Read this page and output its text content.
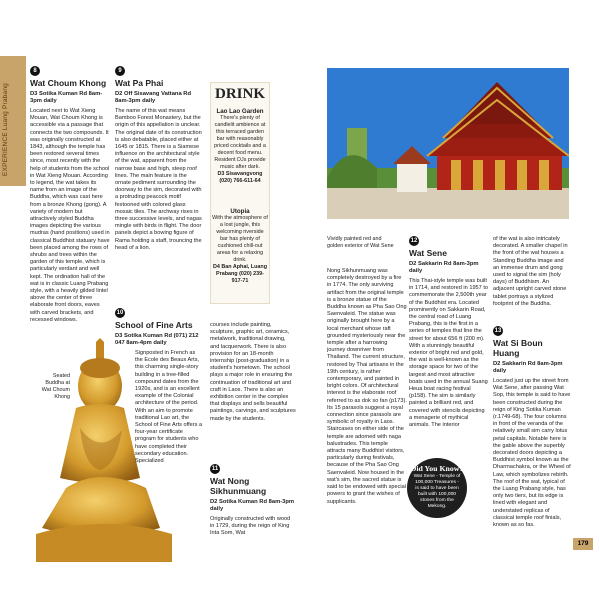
EXPERIENCE Luang Prabang
8
Wat Choum Khong
D3 Sotika Kuman Rd 8am-3pm daily

Located next to Wat Xieng Mouan, Wat Choum Khong is accessible via a passage that connects the two compounds. It was originally constructed at 1843, although the temple has been restored several times since, most recently with the help of students from the school in Wat Xieng Mouan. According to legend, the wat takes its name from an image of the Buddha, which was cast here from a bronze Khong (gong). A variety of modern but attractively styled Buddha images depicting the various mudras (hand positions) used in classical Buddhist statuary have been placed among the rows of shrubs and trees within the garden of this temple, which is particularly verdant and well kept. The ordination hall of the wat is in classic Luang Prabang style, with a heavily gilded lintel above the center of three elaborate front doors, eaves with carved brackets, and recessed windows.

Seated Buddha at Wat Choum Khong
9
Wat Pa Phai
D2 Off Sisavang Vattana Rd 8am-3pm daily

The name of this wat means Bamboo Forest Monastery, but the origin of this appellation is unclear. The original date of its construction is also debatable, placed either at 1645 or 1815. There is a Siamese influence on the architectural style of the wat, apparent from the narrow base and high, steep roof lines. The main feature is the ornate pediment surrounding the doorway to the sim, decorated with a protruding peacock motif festooned with colored glass mosaic tiles. The archway rises in three successive levels, and nagas mingle with birds in flight. The door panels depict a bowing figure of Rama holding a staff, trouncing the head of a lion.

10
School of Fine Arts
D3 Sotika Kuman Rd (071) 212 047 8am-4pm daily

Signposted in French as the Ecole des Beaux Arts, this charming single-story building in a tree-filled compound dates from the 1920s, and is an excellent example of the Colonial architecture of the period. With an aim to promote traditional Lao art, the School of Fine Arts offers a four-year certificate program for students who have completed their secondary education. Specialized

DRINK
Lao Lao Garden
There's plenty of candlelit ambience at this terraced garden bar with reasonably priced cocktails and a decent food menu. Resident DJs provide music after dark.
D3 Sisavangvong (020) 766-611-64
Utopia
With the atmosphere of a lost jungle, this welcoming riverside bar has plenty of cushioned chill-out areas for a relaxing drink.
D4 Ban Aphai, Luang Prabang (020) 239-917-71

courses include painting, sculpture, graphic art, ceramics, metalwork, traditional drawing, and lacquerwork. There is also provision for an 18-month internship (post-graduation) in a student's hometown. The school plays a major role in ensuring the continuation of traditional art and craft in Laos. There is also an exhibition center in the complex that displays and sells beautiful paintings, carvings, and sculptures made by the students.

11
Wat Nong Sikhunmuang
D2 Sotika Kuman Rd 8am-3pm daily

Originally constructed with wood in 1729, during the reign of King Inta Som, Wat

Vividly painted red and golden exterior of Wat Sene

Nong Sikhunmuang was completely destroyed by a fire in 1774. The only surviving artifact from the original temple is a bronze statue of the Buddha known as Pha Sao Ong Saenvaleid. The statue was originally brought here by a local merchant whose raft grounded mysteriously near the temple after a harrowing journey downriver from Thailand. The current structure, restored by Thai artisans in the 19th century, is rather contemporary, and painted in bright colors. Of architectural interest is the elaborate roof referred to as dok so fan (p173). Its 15 parasols suggest a royal connection since parasols are symbolic of royalty in Laos. Staircases on either side of the temple are adorned with naga balustrades. This temple attracts many Buddhist visitors, particularly during festivals, because of the Pha Sao Ong Saenvaleid. Now housed in the wat's sim, the sacred statue is said to be endowed with special powers to grant the wishes of supplicants.

12
Wat Sene
D2 Sakkarin Rd 8am-3pm daily

This Thai-style temple was built in 1714, and restored in 1957 to commemorate the 2,500th year of the Buddhist era. Located prominently on Sakkarin Road, the central road of Luang Prabang, this is the first in a series of temples that line the street for about 656 ft (200 m). With a stunningly beautiful exterior of bright red and gold, the wat is well-known as the storage space for two of the largest and most attractive boats used in the annual Suang Heua boat racing festival (p158). The sim is similarly painted a brilliant red, and covered with stencils depicting a menagerie of mythical animals. The interior

Did You Know?
Wat Sene - Temple of 100,000 Treasures - is said to have been built with 100,000 stones from the Mekong.

of the wat is also intricately decorated. A smaller chapel in the front of the wat houses a Standing Buddha image and an immense drum and gong used to signal the sim (holy days) of Buddhism. An adjacent upright carved stone tablet portrays a stylized footprint of the Buddha.

13
Wat Si Boun Huang
D2 Sakkarin Rd 8am-3pm daily

Located just up the street from Wat Sene, after passing Wat Sop, this temple is said to have been constructed during the reign of King Sotika Kuman (r.1749-68). The four columns in front of the veranda of the relatively small sim carry lotus petal capitals. Notable here is the gable above the superbly decorated doors depicting a Buddhist symbol known as the Dharmachakra, or the Wheel of Law, which symbolizes rebirth. The roof of the wat, typical of the Luang Prabang style, has only two tiers, but its edge is lined with elegant and understated replicas of classical temple roof finials, known as so fas.

179
